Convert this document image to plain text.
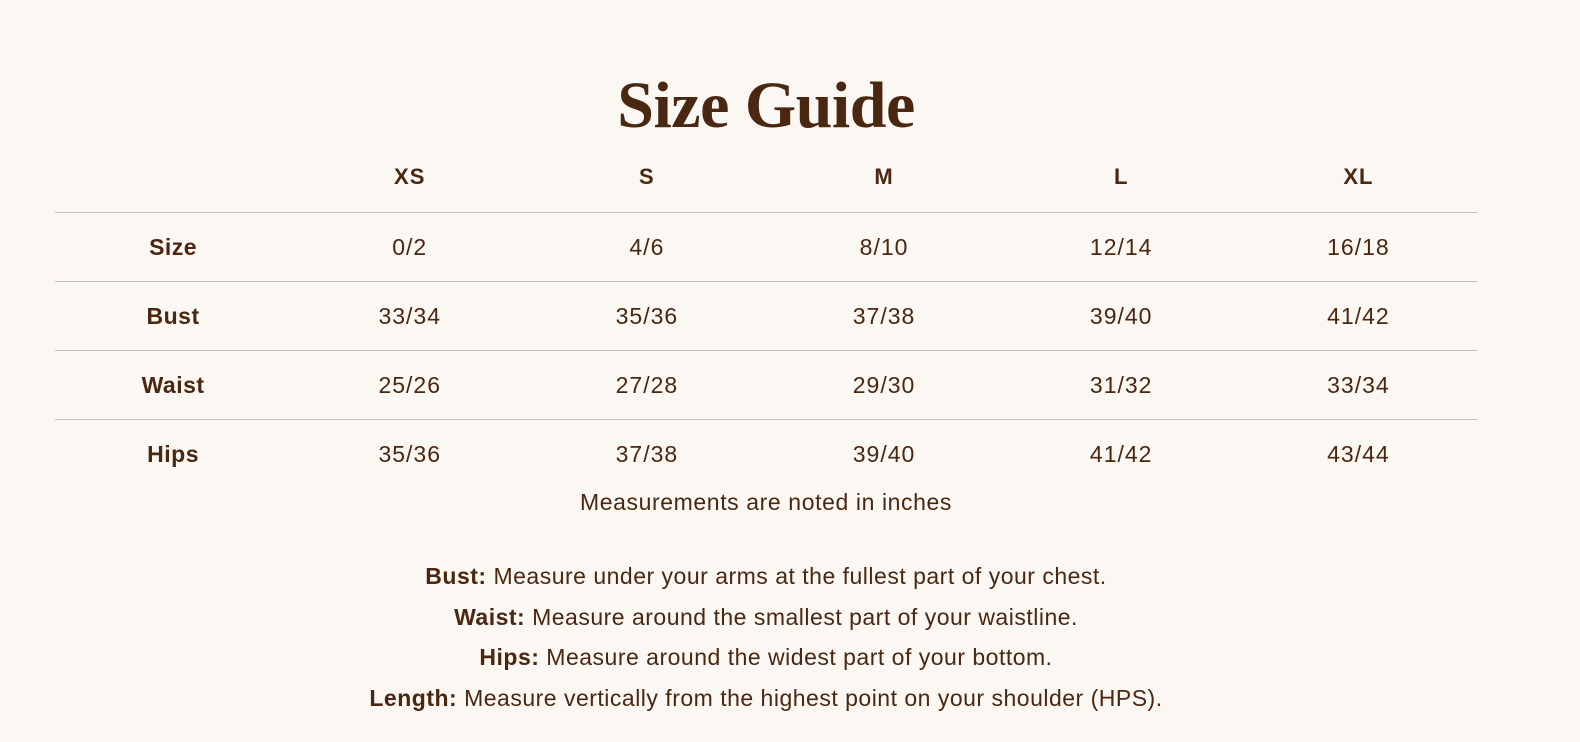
Size Guide
	XS	S	M	L	XL
Size	0/2	4/6	8/10	12/14	16/18
Bust	33/34	35/36	37/38	39/40	41/42
Waist	25/26	27/28	29/30	31/32	33/34
Hips	35/36	37/38	39/40	41/42	43/44

Measurements are noted in inches

Bust: Measure under your arms at the fullest part of your chest.
Waist: Measure around the smallest part of your waistline.
Hips: Measure around the widest part of your bottom.
Length: Measure vertically from the highest point on your shoulder (HPS).
